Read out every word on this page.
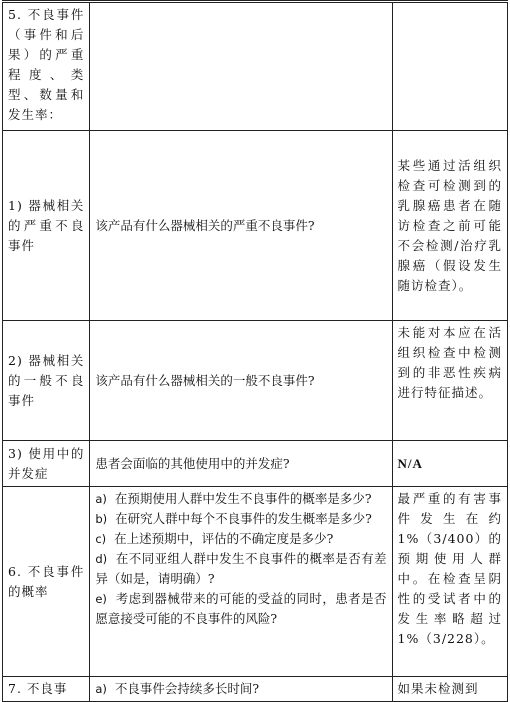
5. 不良事件（事件和后果）的严重程度、类型、数量和发生率：		
1) 器械相关的严重不良事件	该产品有什么器械相关的严重不良事件?	某些通过活组织检查可检测到的乳腺癌患者在随访检查之前可能不会检测/治疗乳腺癌（假设发生随访检查）。
2) 器械相关的一般不良事件	该产品有什么器械相关的一般不良事件?	未能对本应在活组织检查中检测到的非恶性疾病进行特征描述。
3) 使用中的并发症	患者会面临的其他使用中的并发症?	N/A
6. 不良事件的概率	a) 在预期使用人群中发生不良事件的概率是多少?
b) 在研究人群中每个不良事件的发生概率是多少?
c) 在上述预期中，评估的不确定度是多少?
d) 在不同亚组人群中发生不良事件的概率是否有差异（如是，请明确）?
e) 考虑到器械带来的可能的受益的同时，患者是否愿意接受可能的不良事件的风险?	最严重的有害事件发生在约1%（3/400）的预期使用人群中。在检查呈阴性的受试者中的发生率略超过1%（3/228）。
7. 不良事	a) 不良事件会持续多长时间?	如果未检测到
